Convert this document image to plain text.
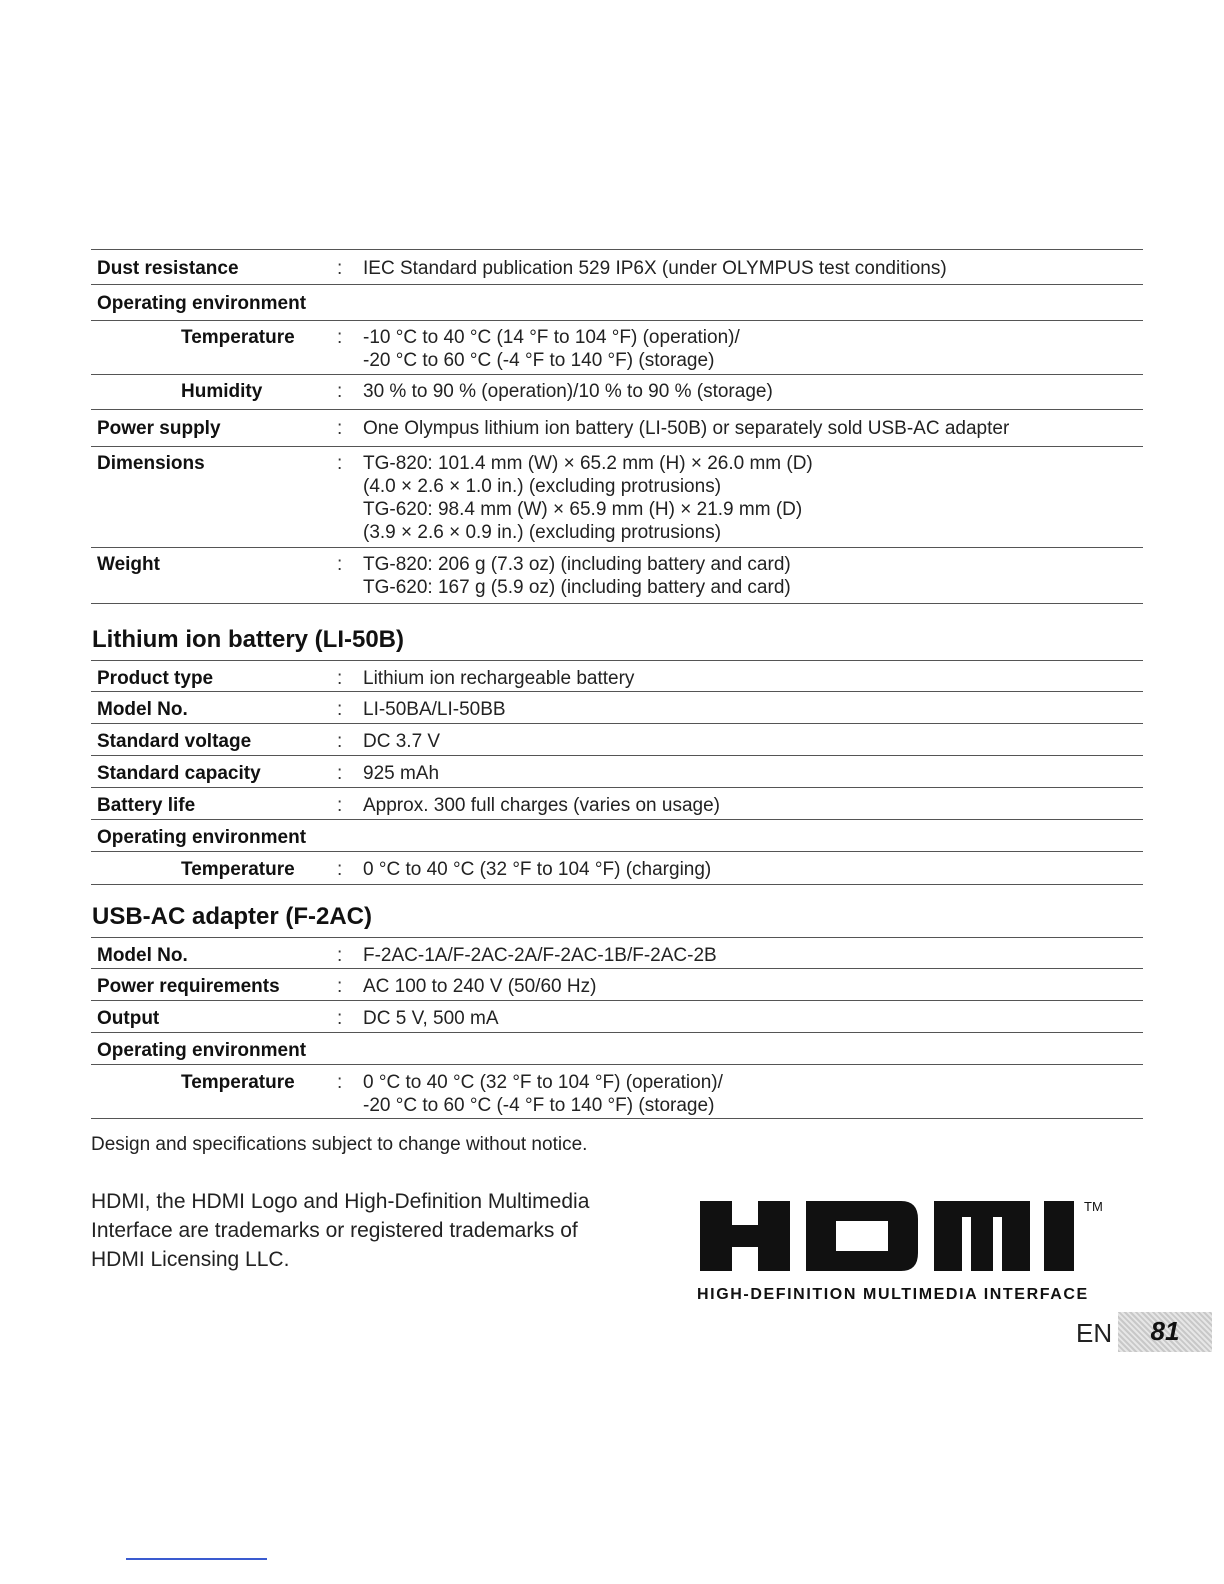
Dust resistance	: IEC Standard publication 529 IP6X (under OLYMPUS test conditions)
Operating environment
Temperature : -10 °C to 40 °C (14 °F to 104 °F) (operation)/
-20 °C to 60 °C (-4 °F to 140 °F) (storage)
Humidity	: 30 % to 90 % (operation)/10 % to 90 % (storage)
Power supply	: One Olympus lithium ion battery (LI-50B) or separately sold USB-AC adapter
Dimensions	: TG-820: 101.4 mm (W) × 65.2 mm (H) × 26.0 mm (D)
(4.0 × 2.6 × 1.0 in.) (excluding protrusions)
TG-620: 98.4 mm (W) × 65.9 mm (H) × 21.9 mm (D)
(3.9 × 2.6 × 0.9 in.) (excluding protrusions)
Weight	: TG-820: 206 g (7.3 oz) (including battery and card)
TG-620: 167 g (5.9 oz) (including battery and card)
Lithium ion battery (LI-50B)
Product type	: Lithium ion rechargeable battery
Model No.	: LI-50BA/LI-50BB
Standard voltage	: DC 3.7 V
Standard capacity	: 925 mAh
Battery life	: Approx. 300 full charges (varies on usage)
Operating environment
Temperature : 0 °C to 40 °C (32 °F to 104 °F) (charging)
USB-AC adapter (F-2AC)
Model No.	: F-2AC-1A/F-2AC-2A/F-2AC-1B/F-2AC-2B
Power requirements	: AC 100 to 240 V (50/60 Hz)
Output	: DC 5 V, 500 mA
Operating environment
Temperature : 0 °C to 40 °C (32 °F to 104 °F) (operation)/
-20 °C to 60 °C (-4 °F to 140 °F) (storage)
Design and specifications subject to change without notice.
HDMI, the HDMI Logo and High-Definition Multimedia
Interface are trademarks or registered trademarks of
HDMI Licensing LLC.
TM
HIGH-DEFINITION MULTIMEDIA INTERFACE
EN	81
